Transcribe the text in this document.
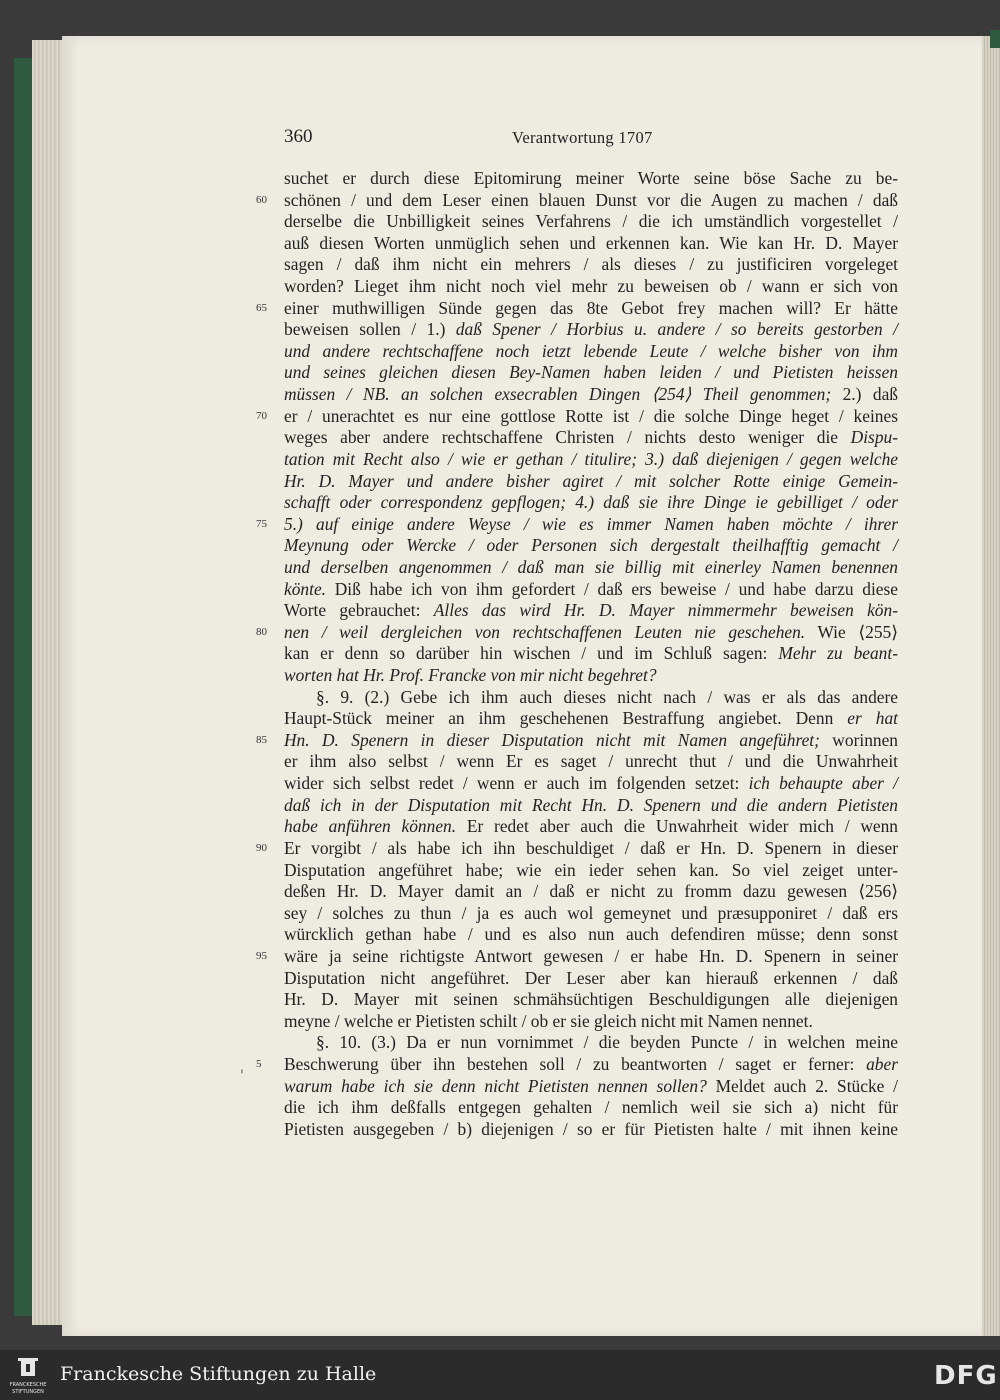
360	Verantwortung 1707
suchet er durch diese Epitomirung meiner Worte seine böse Sache zu be-
60 schönen / und dem Leser einen blauen Dunst vor die Augen zu machen / daß
derselbe die Unbilligkeit seines Verfahrens / die ich umständlich vorgestellet /
auß diesen Worten unmüglich sehen und erkennen kan. Wie kan Hr. D. Mayer
sagen / daß ihm nicht ein mehrers / als dieses / zu justificiren vorgeleget
worden? Lieget ihm nicht noch viel mehr zu beweisen ob / wann er sich von
65 einer muthwilligen Sünde gegen das 8te Gebot frey machen will? Er hätte
beweisen sollen / 1.) daß Spener / Horbius u. andere / so bereits gestorben /
und andere rechtschaffene noch ietzt lebende Leute / welche bisher von ihm
und seines gleichen diesen Bey-Namen haben leiden / und Pietisten heissen
müssen / NB. an solchen exsecrablen Dingen ⟨254⟩ Theil genommen; 2.) daß
70 er / unerachtet es nur eine gottlose Rotte ist / die solche Dinge heget / keines
weges aber andere rechtschaffene Christen / nichts desto weniger die Dispu-
tation mit Recht also / wie er gethan / titulire; 3.) daß diejenigen / gegen welche
Hr. D. Mayer und andere bisher agiret / mit solcher Rotte einige Gemein-
schafft oder correspondenz gepflogen; 4.) daß sie ihre Dinge ie gebilliget / oder
75 5.) auf einige andere Weyse / wie es immer Namen haben möchte / ihrer
Meynung oder Wercke / oder Personen sich dergestalt theilhafftig gemacht /
und derselben angenommen / daß man sie billig mit einerley Namen benennen
könte. Diß habe ich von ihm gefordert / daß ers beweise / und habe darzu diese
Worte gebrauchet: Alles das wird Hr. D. Mayer nimmermehr beweisen kön-
80 nen / weil dergleichen von rechtschaffenen Leuten nie geschehen. Wie ⟨255⟩
kan er denn so darüber hin wischen / und im Schluß sagen: Mehr zu beant-
worten hat Hr. Prof. Francke von mir nicht begehret?
§. 9. (2.) Gebe ich ihm auch dieses nicht nach / was er als das andere
Haupt-Stück meiner an ihm geschehenen Bestraffung angiebet. Denn er hat
85 Hn. D. Spenern in dieser Disputation nicht mit Namen angeführet; worinnen
er ihm also selbst / wenn Er es saget / unrecht thut / und die Unwahrheit
wider sich selbst redet / wenn er auch im folgenden setzet: ich behaupte aber /
daß ich in der Disputation mit Recht Hn. D. Spenern und die andern Pietisten
habe anführen können. Er redet aber auch die Unwahrheit wider mich / wenn
90 Er vorgibt / als habe ich ihn beschuldiget / daß er Hn. D. Spenern in dieser
Disputation angeführet habe; wie ein ieder sehen kan. So viel zeiget unter-
deßen Hr. D. Mayer damit an / daß er nicht zu fromm dazu gewesen ⟨256⟩
sey / solches zu thun / ja es auch wol gemeynet und præsupponiret / daß ers
würcklich gethan habe / und es also nun auch defendiren müsse; denn sonst
95 wäre ja seine richtigste Antwort gewesen / er habe Hn. D. Spenern in seiner
Disputation nicht angeführet. Der Leser aber kan hierauß erkennen / daß
Hr. D. Mayer mit seinen schmähsüchtigen Beschuldigungen alle diejenigen
meyne / welche er Pietisten schilt / ob er sie gleich nicht mit Namen nennet.
§. 10. (3.) Da er nun vornimmet / die beyden Puncte / in welchen meine
5	Beschwerung über ihn bestehen soll / zu beantworten / saget er ferner: aber
warum habe ich sie denn nicht Pietisten nennen sollen? Meldet auch 2. Stücke /
die ich ihm deßfalls entgegen gehalten / nemlich weil sie sich a) nicht für
Pietisten ausgegeben / b) diejenigen / so er für Pietisten halte / mit ihnen keine
'
FRANCKESCHE
STIFTUNGEN
Franckesche Stiftungen zu Halle	DFG
